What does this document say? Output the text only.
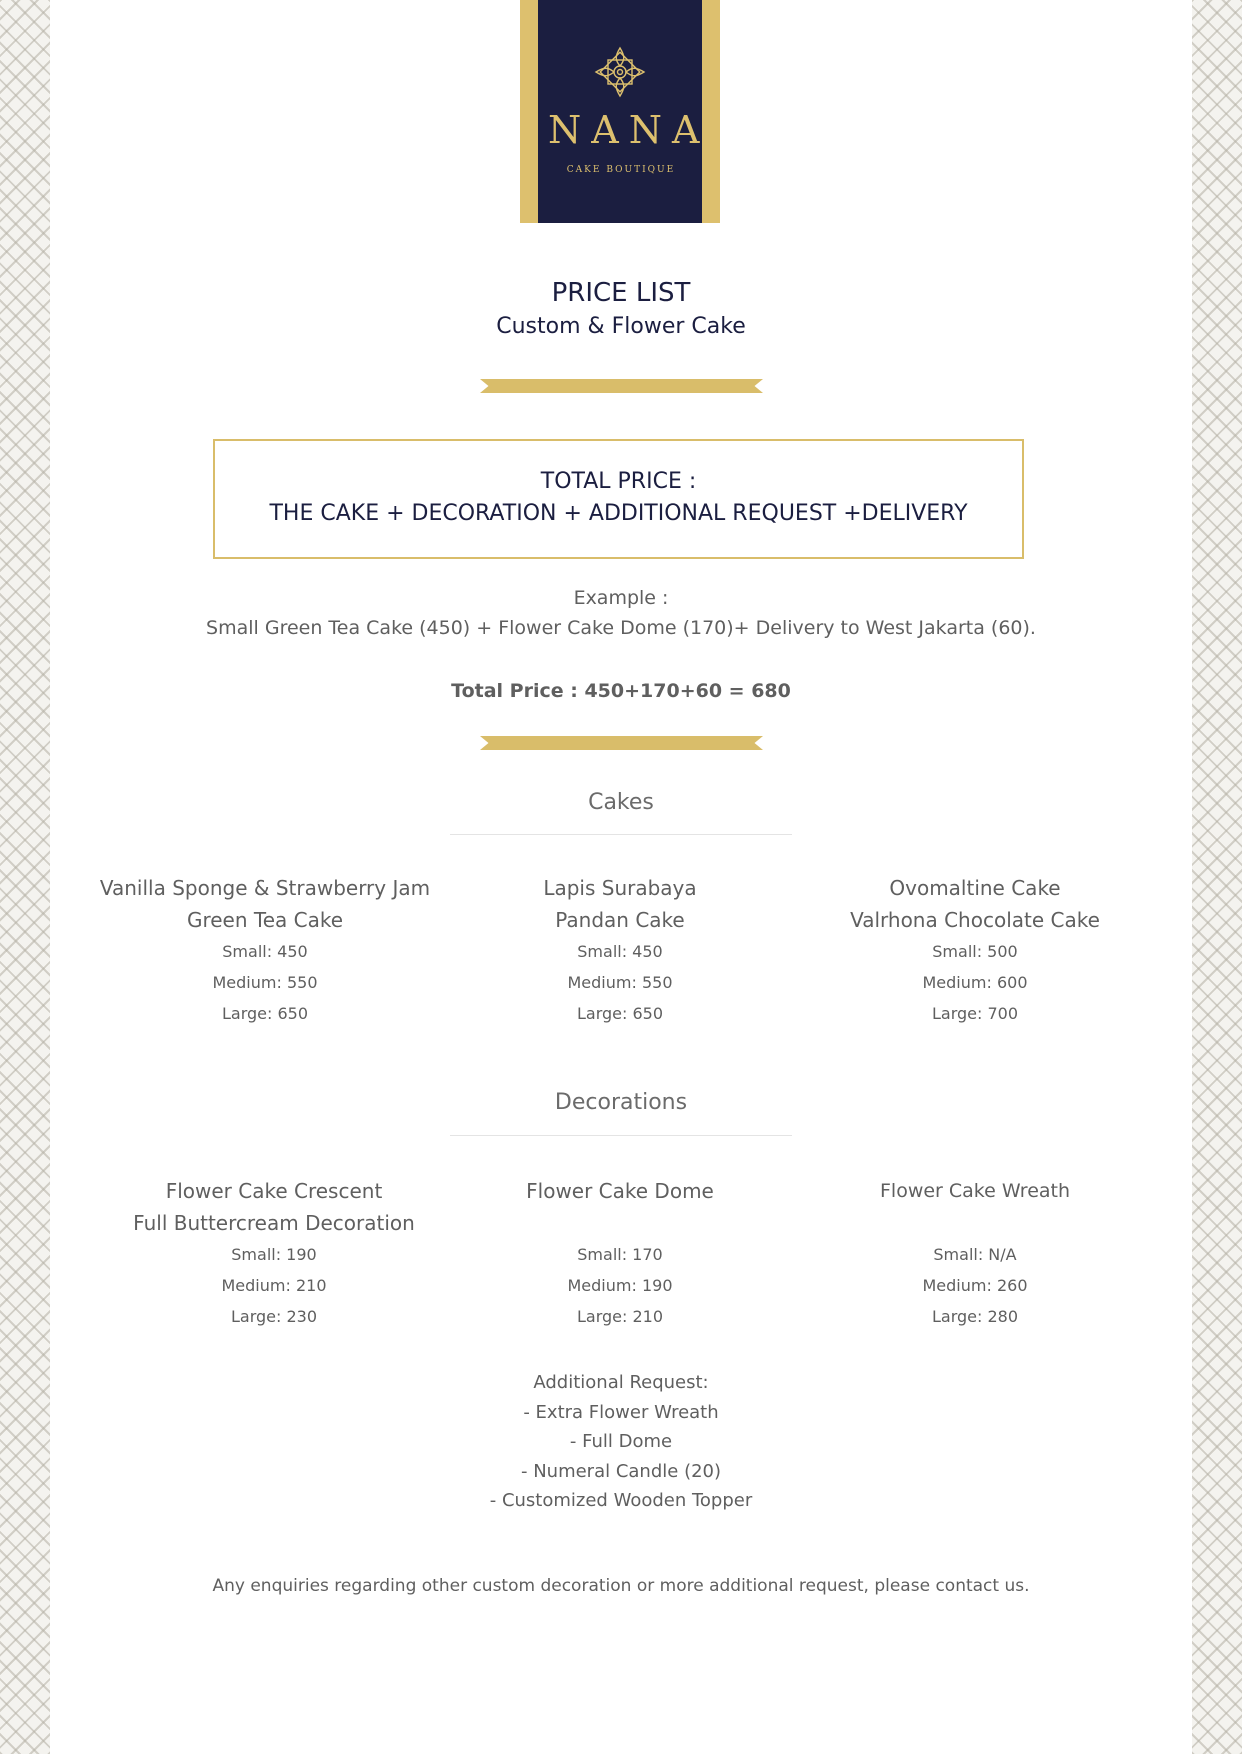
NANA
CAKE BOUTIQUE
PRICE LIST
Custom & Flower Cake
TOTAL PRICE :
THE CAKE + DECORATION + ADDITIONAL REQUEST +DELIVERY
Example :
Small Green Tea Cake (450) + Flower Cake Dome (170)+ Delivery to West Jakarta (60).
Total Price : 450+170+60 = 680
Cakes
Vanilla Sponge & Strawberry Jam
Green Tea Cake
Small: 450
Medium: 550
Large: 650
Lapis Surabaya
Pandan Cake
Small: 450
Medium: 550
Large: 650
Ovomaltine Cake
Valrhona Chocolate Cake
Small: 500
Medium: 600
Large: 700
Decorations
Flower Cake Crescent
Full Buttercream Decoration
Small: 190
Medium: 210
Large: 230
Flower Cake Dome
Small: 170
Medium: 190
Large: 210
Flower Cake Wreath
Small: N/A
Medium: 260
Large: 280
Additional Request:
- Extra Flower Wreath
- Full Dome
- Numeral Candle (20)
- Customized Wooden Topper
Any enquiries regarding other custom decoration or more additional request, please contact us.
